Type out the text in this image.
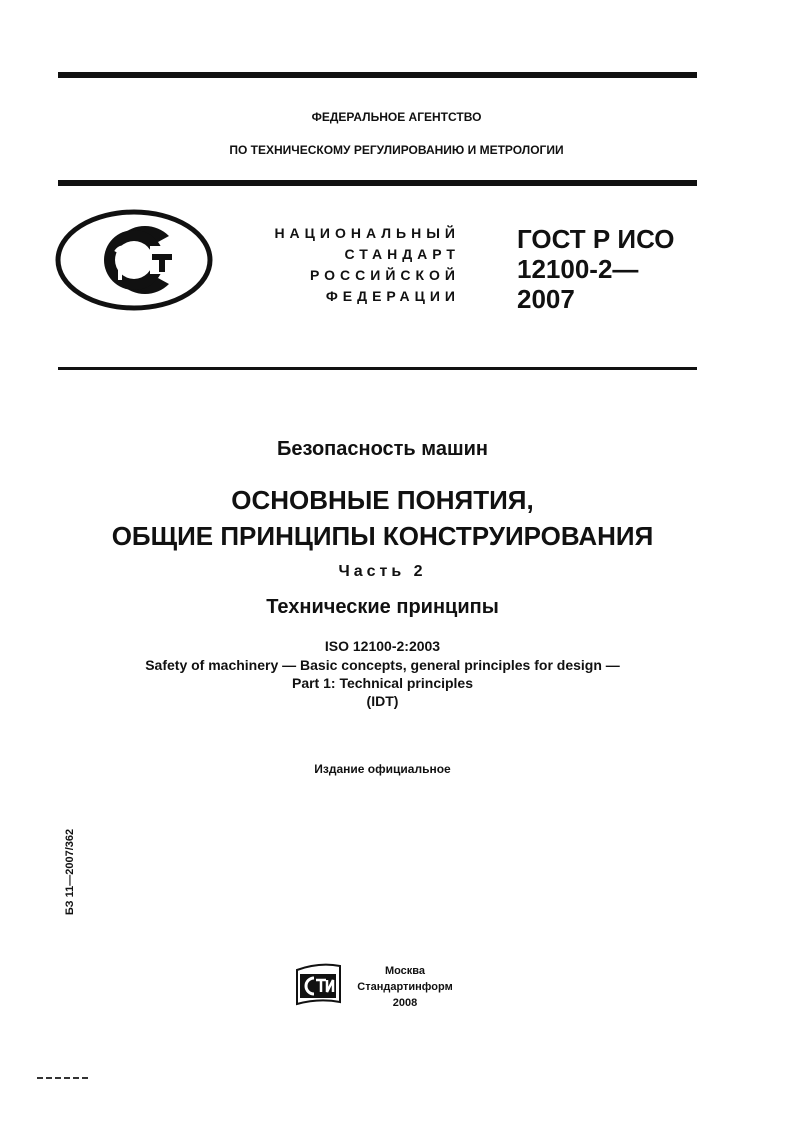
ФЕДЕРАЛЬНОЕ АГЕНТСТВО
ПО ТЕХНИЧЕСКОМУ РЕГУЛИРОВАНИЮ И МЕТРОЛОГИИ
НАЦИОНАЛЬНЫЙ
СТАНДАРТ
РОССИЙСКОЙ
ФЕДЕРАЦИИ
ГОСТ Р ИСО
12100-2—
2007
Безопасность машин
ОСНОВНЫЕ ПОНЯТИЯ,
ОБЩИЕ ПРИНЦИПЫ КОНСТРУИРОВАНИЯ
Часть 2
Технические принципы
ISO 12100-2:2003
Safety of machinery — Basic concepts, general principles for design —
Part 1: Technical principles
(IDT)
Издание официальное
БЗ 11—2007/362
Москва
Стандартинформ
2008
